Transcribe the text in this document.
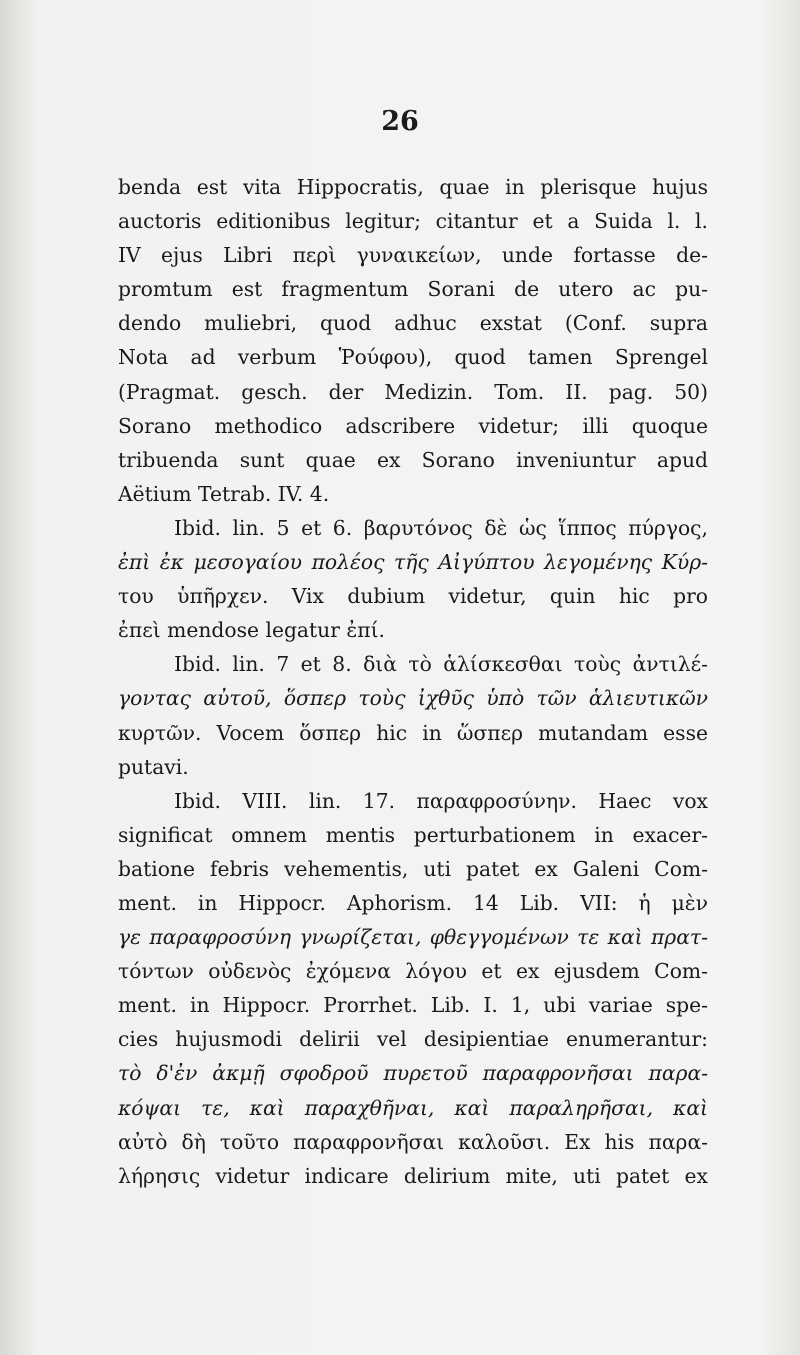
26
benda est vita Hippocratis, quae in plerisque hujus
auctoris editionibus legitur; citantur et a Suida l. l.
IV ejus Libri περὶ γυναικείων, unde fortasse de-
promtum est fragmentum Sorani de utero ac pu-
dendo muliebri, quod adhuc exstat (Conf. supra
Nota ad verbum Ῥούφου), quod tamen Sprengel
(Pragmat. gesch. der Medizin. Tom. II. pag. 50)
Sorano methodico adscribere videtur; illi quoque
tribuenda sunt quae ex Sorano inveniuntur apud
Aëtium Tetrab. IV. 4.
Ibid. lin. 5 et 6. βαρυτόνος δὲ ὡς ἵππος πύργος,
ἐπὶ ἐκ μεσογαίου πολέος τῆς Αἰγύπτου λεγομένης Κύρ-
του ὑπῆρχεν. Vix dubium videtur, quin hic pro
ἐπεὶ mendose legatur ἐπί.
Ibid. lin. 7 et 8. διὰ τὸ ἁλίσκεσθαι τοὺς ἀντιλέ-
γοντας αὐτοῦ, ὅσπερ τοὺς ἰχθῦς ὑπὸ τῶν ἁλιευτικῶν
κυρτῶν. Vocem ὅσπερ hic in ὥσπερ mutandam esse
putavi.
Ibid. VIII. lin. 17. παραφροσύνην. Haec vox
significat omnem mentis perturbationem in exacer-
batione febris vehementis, uti patet ex Galeni Com-
ment. in Hippocr. Aphorism. 14 Lib. VII: ἡ μὲν
γε παραφροσύνη γνωρίζεται, φθεγγομένων τε καὶ πρατ-
τόντων οὐδενὸς ἐχόμενα λόγου et ex ejusdem Com-
ment. in Hippocr. Prorrhet. Lib. I. 1, ubi variae spe-
cies hujusmodi delirii vel desipientiae enumerantur:
τὸ δ'ἐν ἀκμῇ σφοδροῦ πυρετοῦ παραφρονῆσαι παρα-
κόψαι τε, καὶ παραχθῆναι, καὶ παραληρῆσαι, καὶ
αὐτὸ δὴ τοῦτο παραφρονῆσαι καλοῦσι. Ex his παρα-
λήρησις videtur indicare delirium mite, uti patet ex
